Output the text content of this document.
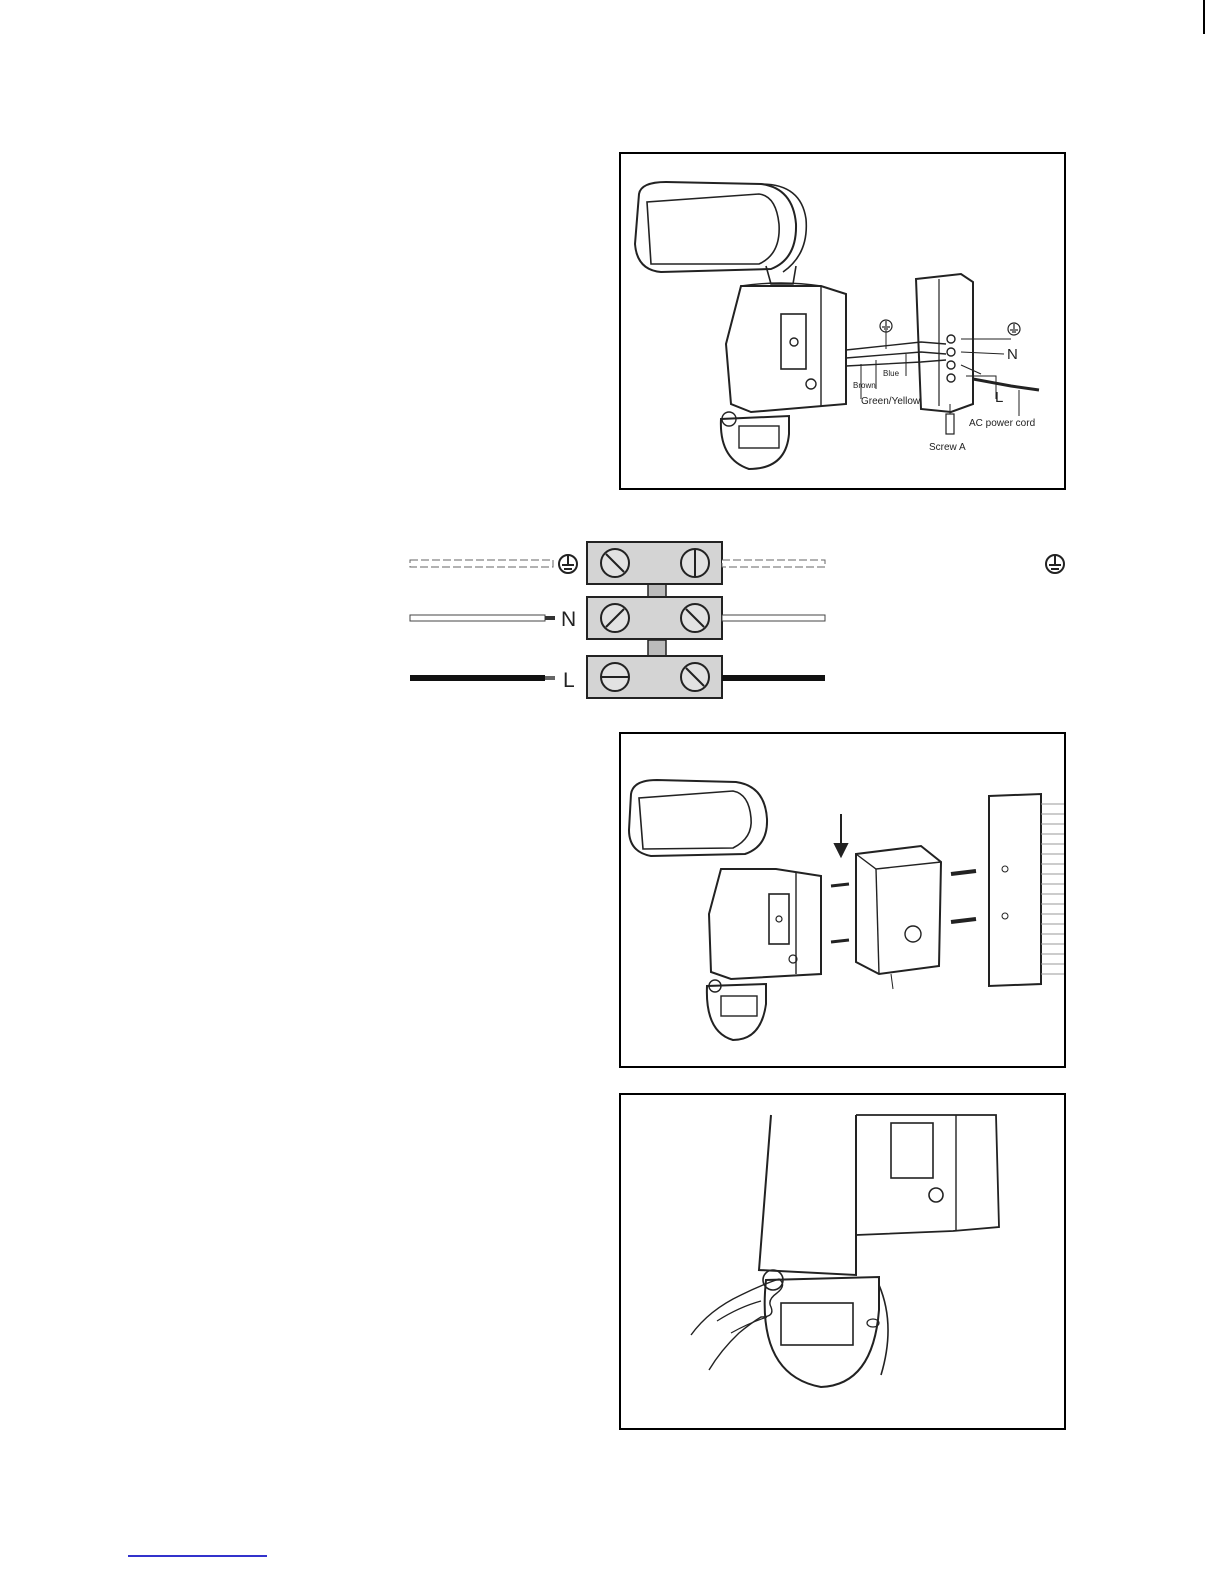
N
L
Blue
Brown
Green/Yellow
AC power cord
Screw A
N
L
